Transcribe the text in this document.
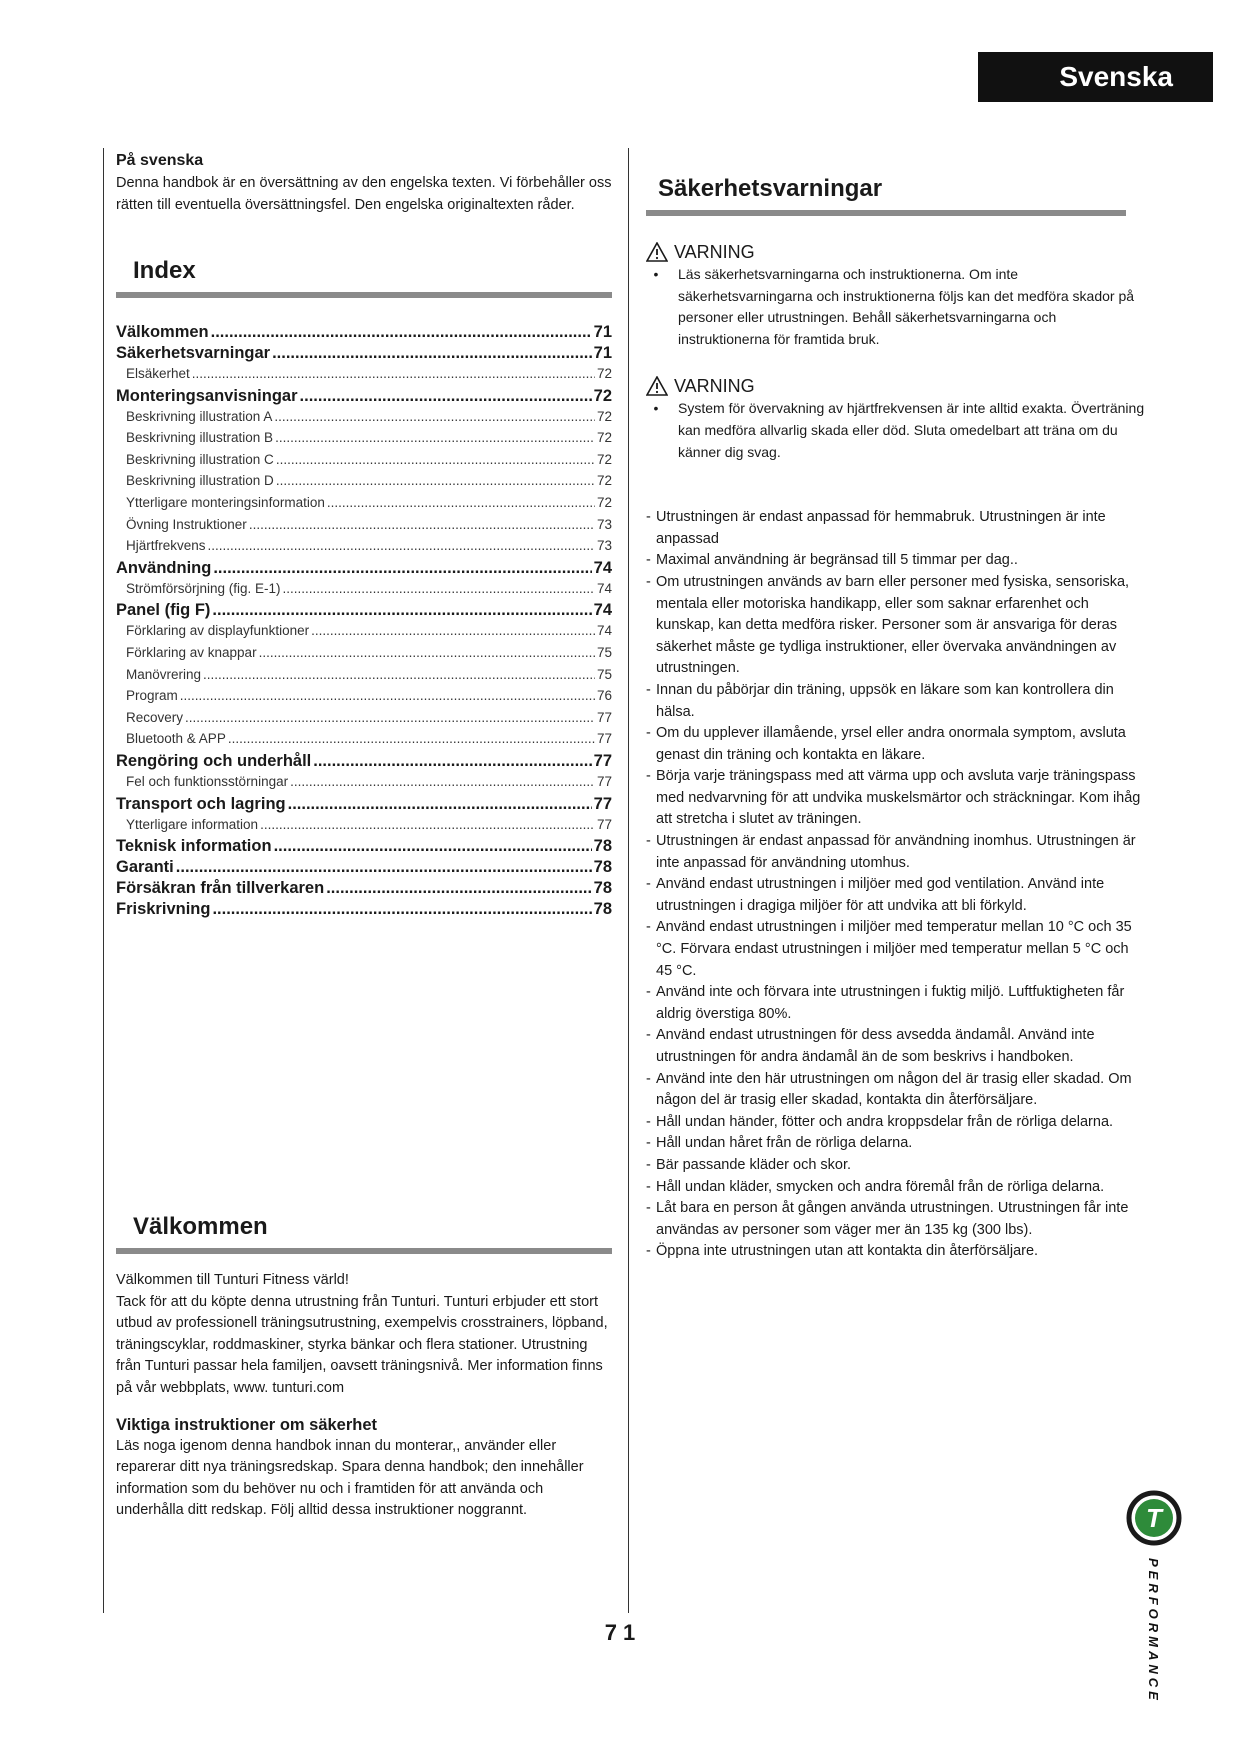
Svenska
På svenska
Denna handbok är en översättning av den engelska texten. Vi förbehåller oss rätten till eventuella översättningsfel. Den engelska originaltexten råder.
Index
Välkommen .....	71
Säkerhetsvarningar .....	71
Elsäkerhet .....	72
Monteringsanvisningar .....	72
Beskrivning illustration A .....	72
Beskrivning illustration B .....	72
Beskrivning illustration C .....	72
Beskrivning illustration D .....	72
Ytterligare monteringsinformation .....	72
Övning Instruktioner .....	73
Hjärtfrekvens .....	73
Användning .....	74
Strömförsörjning (fig. E-1) .....	74
Panel (fig F) .....	74
Förklaring av displayfunktioner .....	74
Förklaring av knappar .....	75
Manövrering .....	75
Program .....	76
Recovery .....	77
Bluetooth & APP .....	77
Rengöring och underhåll .....	77
Fel och funktionsstörningar .....	77
Transport och lagring .....	77
Ytterligare information .....	77
Teknisk information .....	78
Garanti .....	78
Försäkran från tillverkaren .....	78
Friskrivning .....	78
Välkommen
Välkommen till Tunturi Fitness värld!
Tack för att du köpte denna utrustning från Tunturi. Tunturi erbjuder ett stort utbud av professionell träningsutrustning, exempelvis crosstrainers, löpband, träningscyklar, roddmaskiner, styrka bänkar och flera stationer. Utrustning från Tunturi passar hela familjen, oavsett träningsnivå. Mer information finns på vår webbplats, www. tunturi.com
Viktiga instruktioner om säkerhet
Läs noga igenom denna handbok innan du monterar,, använder eller reparerar ditt nya träningsredskap. Spara denna handbok; den innehåller information som du behöver nu och i framtiden för att använda och underhålla ditt redskap. Följ alltid dessa instruktioner noggrannt.
Säkerhetsvarningar
VARNING
•	Läs säkerhetsvarningarna och instruktionerna. Om inte säkerhetsvarningarna och instruktionerna följs kan det medföra skador på personer eller utrustningen. Behåll säkerhetsvarningarna och instruktionerna för framtida bruk.
VARNING
•	System för övervakning av hjärtfrekvensen är inte alltid exakta. Överträning kan medföra allvarlig skada eller död. Sluta omedelbart att träna om du känner dig svag.
- Utrustningen är endast anpassad för hemmabruk. Utrustningen är inte anpassad
- Maximal användning är begränsad till 5 timmar per dag..
- Om utrustningen används av barn eller personer med fysiska, sensoriska, mentala eller motoriska handikapp, eller som saknar erfarenhet och kunskap, kan detta medföra risker. Personer som är ansvariga för deras säkerhet måste ge tydliga instruktioner, eller övervaka användningen av utrustningen.
- Innan du påbörjar din träning, uppsök en läkare som kan kontrollera din hälsa.
- Om du upplever illamående, yrsel eller andra onormala symptom, avsluta genast din träning och kontakta en läkare.
- Börja varje träningspass med att värma upp och avsluta varje träningspass med nedvarvning för att undvika muskelsmärtor och sträckningar. Kom ihåg att stretcha i slutet av träningen.
- Utrustningen är endast anpassad för användning inomhus. Utrustningen är inte anpassad för användning utomhus.
- Använd endast utrustningen i miljöer med god ventilation. Använd inte utrustningen i dragiga miljöer för att undvika att bli förkyld.
- Använd endast utrustningen i miljöer med temperatur mellan 10 °C och 35 °C. Förvara endast utrustningen i miljöer med temperatur mellan 5 °C och 45 °C.
- Använd inte och förvara inte utrustningen i fuktig miljö. Luftfuktigheten får aldrig överstiga 80%.
- Använd endast utrustningen för dess avsedda ändamål. Använd inte utrustningen för andra ändamål än de som beskrivs i handboken.
- Använd inte den här utrustningen om någon del är trasig eller skadad. Om någon del är trasig eller skadad, kontakta din återförsäljare.
- Håll undan händer, fötter och andra kroppsdelar från de rörliga delarna.
- Håll undan håret från de rörliga delarna.
- Bär passande kläder och skor.
- Håll undan kläder, smycken och andra föremål från de rörliga delarna.
- Låt bara en person åt gången använda utrustningen. Utrustningen får inte användas av personer som väger mer än 135 kg (300 lbs).
- Öppna inte utrustningen utan att kontakta din återförsäljare.
71
T
PERFORMANCE
